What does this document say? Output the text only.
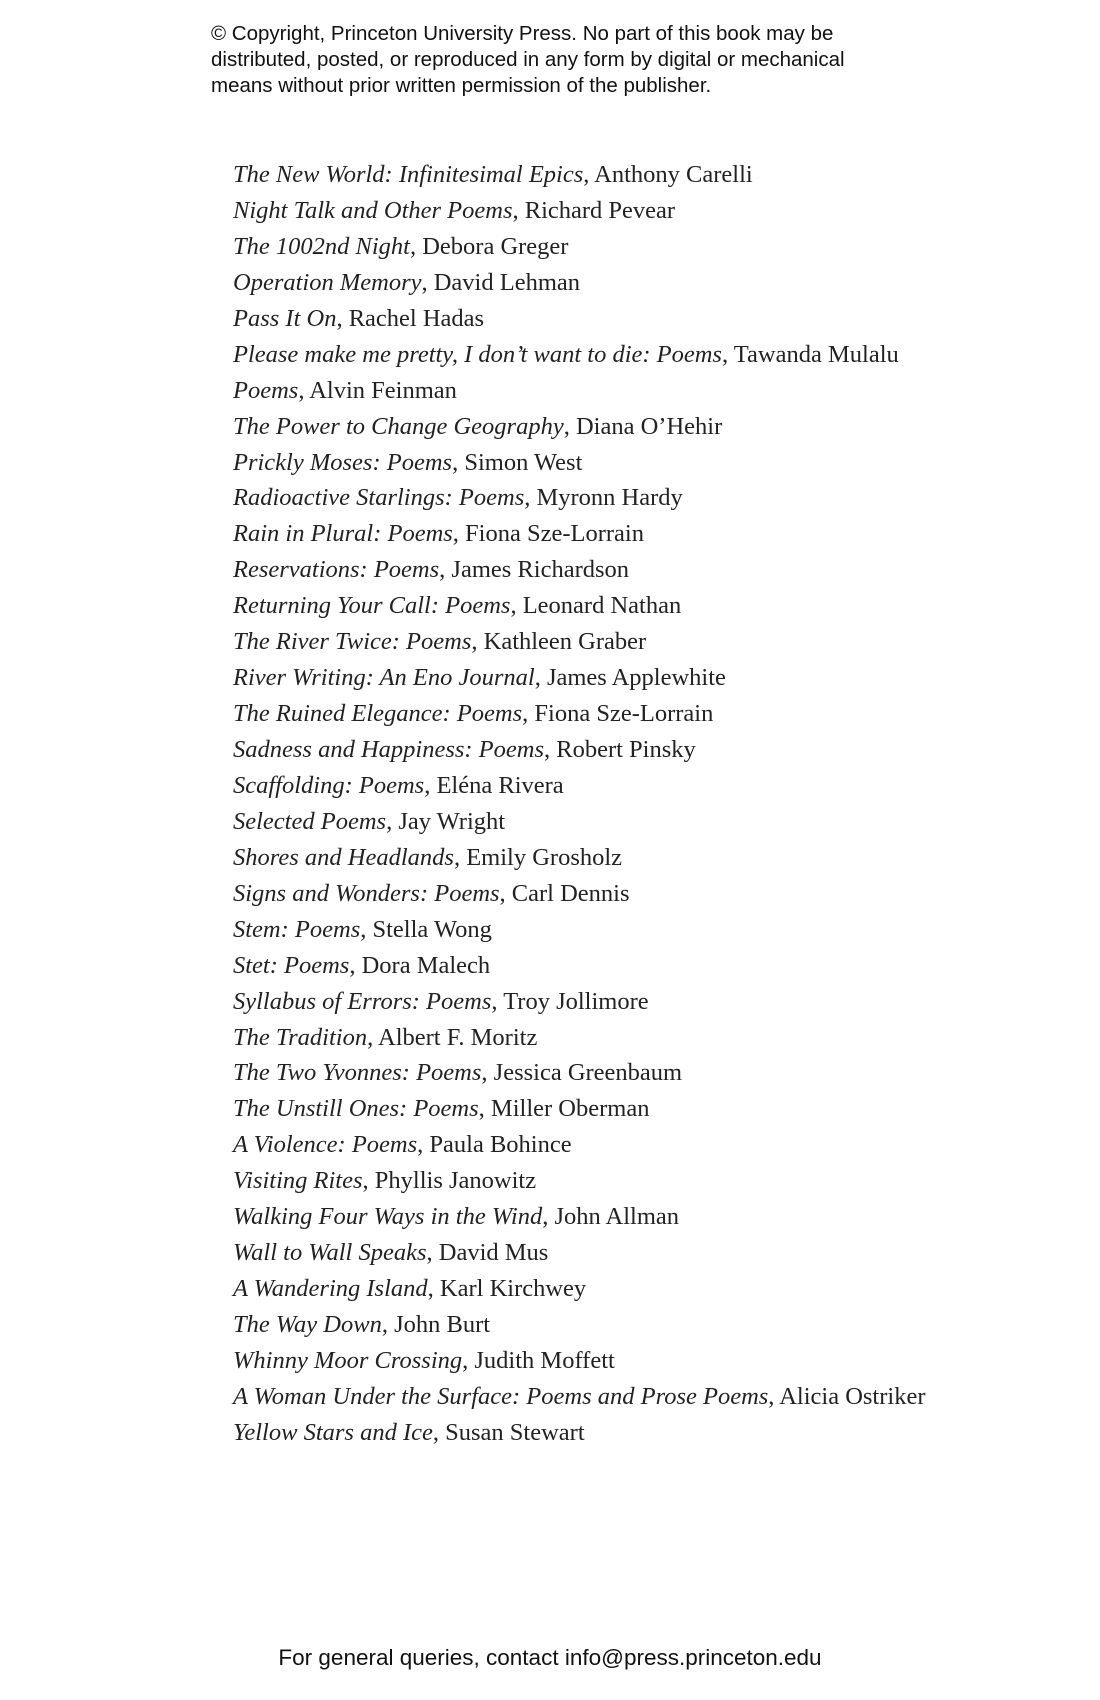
© Copyright, Princeton University Press. No part of this book may be
distributed, posted, or reproduced in any form by digital or mechanical
means without prior written permission of the publisher.

The New World: Infinitesimal Epics, Anthony Carelli
Night Talk and Other Poems, Richard Pevear
The 1002nd Night, Debora Greger
Operation Memory, David Lehman
Pass It On, Rachel Hadas
Please make me pretty, I don’t want to die: Poems, Tawanda Mulalu
Poems, Alvin Feinman
The Power to Change Geography, Diana O’Hehir
Prickly Moses: Poems, Simon West
Radioactive Starlings: Poems, Myronn Hardy
Rain in Plural: Poems, Fiona Sze-Lorrain
Reservations: Poems, James Richardson
Returning Your Call: Poems, Leonard Nathan
The River Twice: Poems, Kathleen Graber
River Writing: An Eno Journal, James Applewhite
The Ruined Elegance: Poems, Fiona Sze-Lorrain
Sadness and Happiness: Poems, Robert Pinsky
Scaffolding: Poems, Eléna Rivera
Selected Poems, Jay Wright
Shores and Headlands, Emily Grosholz
Signs and Wonders: Poems, Carl Dennis
Stem: Poems, Stella Wong
Stet: Poems, Dora Malech
Syllabus of Errors: Poems, Troy Jollimore
The Tradition, Albert F. Moritz
The Two Yvonnes: Poems, Jessica Greenbaum
The Unstill Ones: Poems, Miller Oberman
A Violence: Poems, Paula Bohince
Visiting Rites, Phyllis Janowitz
Walking Four Ways in the Wind, John Allman
Wall to Wall Speaks, David Mus
A Wandering Island, Karl Kirchwey
The Way Down, John Burt
Whinny Moor Crossing, Judith Moffett
A Woman Under the Surface: Poems and Prose Poems, Alicia Ostriker
Yellow Stars and Ice, Susan Stewart

For general queries, contact info@press.princeton.edu
